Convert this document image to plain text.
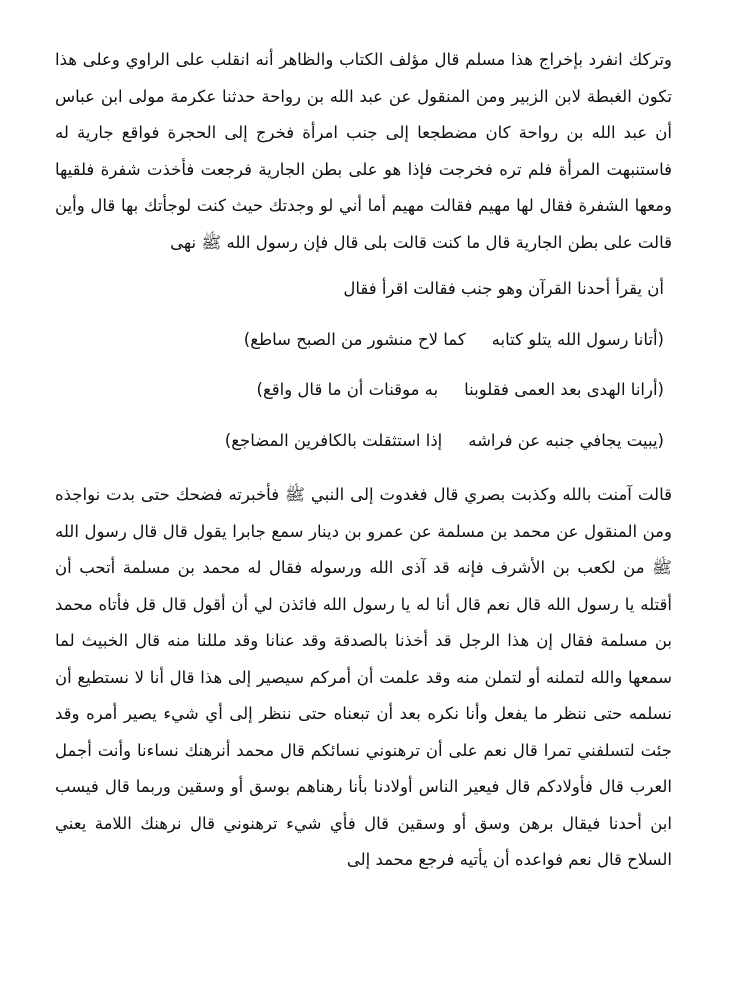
وتركك انفرد بإخراج هذا مسلم قال مؤلف الكتاب والظاهر أنه انقلب على الراوي وعلى هذا تكون الغبطة لابن الزبير ومن المنقول عن عبد الله بن رواحة حدثنا عكرمة مولى ابن عباس أن عبد الله بن رواحة كان مضطجعا إلى جنب امرأة فخرج إلى الحجرة فواقع جارية له فاستنبهت المرأة فلم تره فخرجت فإذا هو على بطن الجارية فرجعت فأخذت شفرة فلقيها ومعها الشفرة فقال لها مهيم فقالت مهيم أما أني لو وجدتك حيث كنت لوجأتك بها قال وأين قالت على بطن الجارية قال ما كنت قالت بلى قال فإن رسول الله ﷺ نهى

أن يقرأ أحدنا القرآن وهو جنب فقالت اقرأ فقال

(أتانا رسول الله يتلو كتابهكما لاح منشور من الصبح ساطع)
(أرانا الهدى بعد العمى فقلوبنابه موقنات أن ما قال واقع)
(يبيت يجافي جنبه عن فراشهإذا استثقلت بالكافرين المضاجع)

قالت آمنت بالله وكذبت بصري قال فغدوت إلى النبي ﷺ فأخبرته فضحك حتى بدت نواجذه ومن المنقول عن محمد بن مسلمة عن عمرو بن دينار سمع جابرا يقول قال قال رسول الله ﷺ من لكعب بن الأشرف فإنه قد آذى الله ورسوله فقال له محمد بن مسلمة أتحب أن أقتله يا رسول الله قال نعم قال أنا له يا رسول الله فائذن لي أن أقول قال قل فأتاه محمد بن مسلمة فقال إن هذا الرجل قد أخذنا بالصدقة وقد عنانا وقد مللنا منه قال الخبيث لما سمعها والله لتملنه أو لتملن منه وقد علمت أن أمركم سيصير إلى هذا قال أنا لا نستطيع أن نسلمه حتى ننظر ما يفعل وأنا نكره بعد أن تبعناه حتى ننظر إلى أي شيء يصير أمره وقد جئت لتسلفني تمرا قال نعم على أن ترهنوني نسائكم قال محمد أنرهنك نساءنا وأنت أجمل العرب قال فأولادكم قال فيعير الناس أولادنا بأنا رهناهم بوسق أو وسقين وربما قال فيسب ابن أحدنا فيقال برهن وسق أو وسقين قال فأي شيء ترهنوني قال نرهنك اللامة يعني السلاح قال نعم فواعده أن يأتيه فرجع محمد إلى
